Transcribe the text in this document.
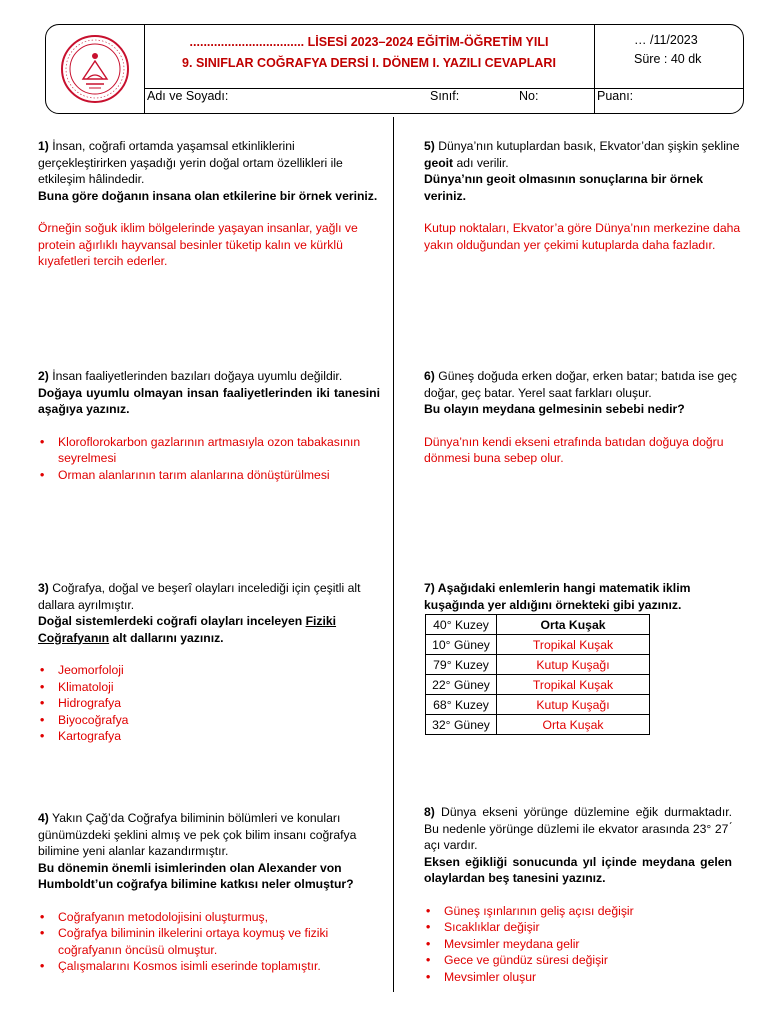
................................. LİSESİ 2023–2024 EĞİTİM-ÖĞRETİM YILI
9. SINIFLAR COĞRAFYA DERSİ I. DÖNEM I. YAZILI CEVAPLARI
… /11/2023
Süre : 40 dk
Adı ve Soyadı:	Sınıf:	No:	Puanı:

1) İnsan, coğrafi ortamda yaşamsal etkinliklerini gerçekleştirirken yaşadığı yerin doğal ortam özellikleri ile etkileşim hâlindedir.

Buna göre doğanın insana olan etkilerine bir örnek veriniz.

Örneğin soğuk iklim bölgelerinde yaşayan insanlar, yağlı ve protein ağırlıklı hayvansal besinler tüketip kalın ve kürklü kıyafetleri tercih ederler.

2) İnsan faaliyetlerinden bazıları doğaya uyumlu değildir.

Doğaya uyumlu olmayan insan faaliyetlerinden iki tanesini aşağıya yazınız.

• Kloroflorokarbon gazlarının artmasıyla ozon tabakasının seyrelmesi
• Orman alanlarının tarım alanlarına dönüştürülmesi

3) Coğrafya, doğal ve beşerî olayları incelediği için çeşitli alt dallara ayrılmıştır.

Doğal sistemlerdeki coğrafi olayları inceleyen Fiziki Coğrafyanın alt dallarını yazınız.

• Jeomorfoloji
• Klimatoloji
• Hidrografya
• Biyocoğrafya
• Kartografya

4) Yakın Çağ’da Coğrafya biliminin bölümleri ve konuları günümüzdeki şeklini almış ve pek çok bilim insanı coğrafya bilimine yeni alanlar kazandırmıştır.

Bu dönemin önemli isimlerinden olan Alexander von Humboldt’un coğrafya bilimine katkısı neler olmuştur?

• Coğrafyanın metodolojisini oluşturmuş,
• Coğrafya biliminin ilkelerini ortaya koymuş ve fiziki coğrafyanın öncüsü olmuştur.
• Çalışmalarını Kosmos isimli eserinde toplamıştır.

5) Dünya’nın kutuplardan basık, Ekvator’dan şişkin şekline geoit adı verilir.

Dünya’nın geoit olmasının sonuçlarına bir örnek veriniz.

Kutup noktaları, Ekvator’a göre Dünya’nın merkezine daha yakın olduğundan yer çekimi kutuplarda daha fazladır.

6) Güneş doğuda erken doğar, erken batar; batıda ise geç doğar, geç batar. Yerel saat farkları oluşur.

Bu olayın meydana gelmesinin sebebi nedir?

Dünya’nın kendi ekseni etrafında batıdan doğuya doğru dönmesi buna sebep olur.

7) Aşağıdaki enlemlerin hangi matematik iklim kuşağında yer aldığını örnekteki gibi yazınız.

40° Kuzey	Orta Kuşak
10° Güney	Tropikal Kuşak
79° Kuzey	Kutup Kuşağı
22° Güney	Tropikal Kuşak
68° Kuzey	Kutup Kuşağı
32° Güney	Orta Kuşak

8) Dünya ekseni yörünge düzlemine eğik durmaktadır. Bu nedenle yörünge düzlemi ile ekvator arasında 23° 27 ́ açı vardır.

Eksen eğikliği sonucunda yıl içinde meydana gelen olaylardan beş tanesini yazınız.

• Güneş ışınlarının geliş açısı değişir
• Sıcaklıklar değişir
• Mevsimler meydana gelir
• Gece ve gündüz süresi değişir
• Mevsimler oluşur
